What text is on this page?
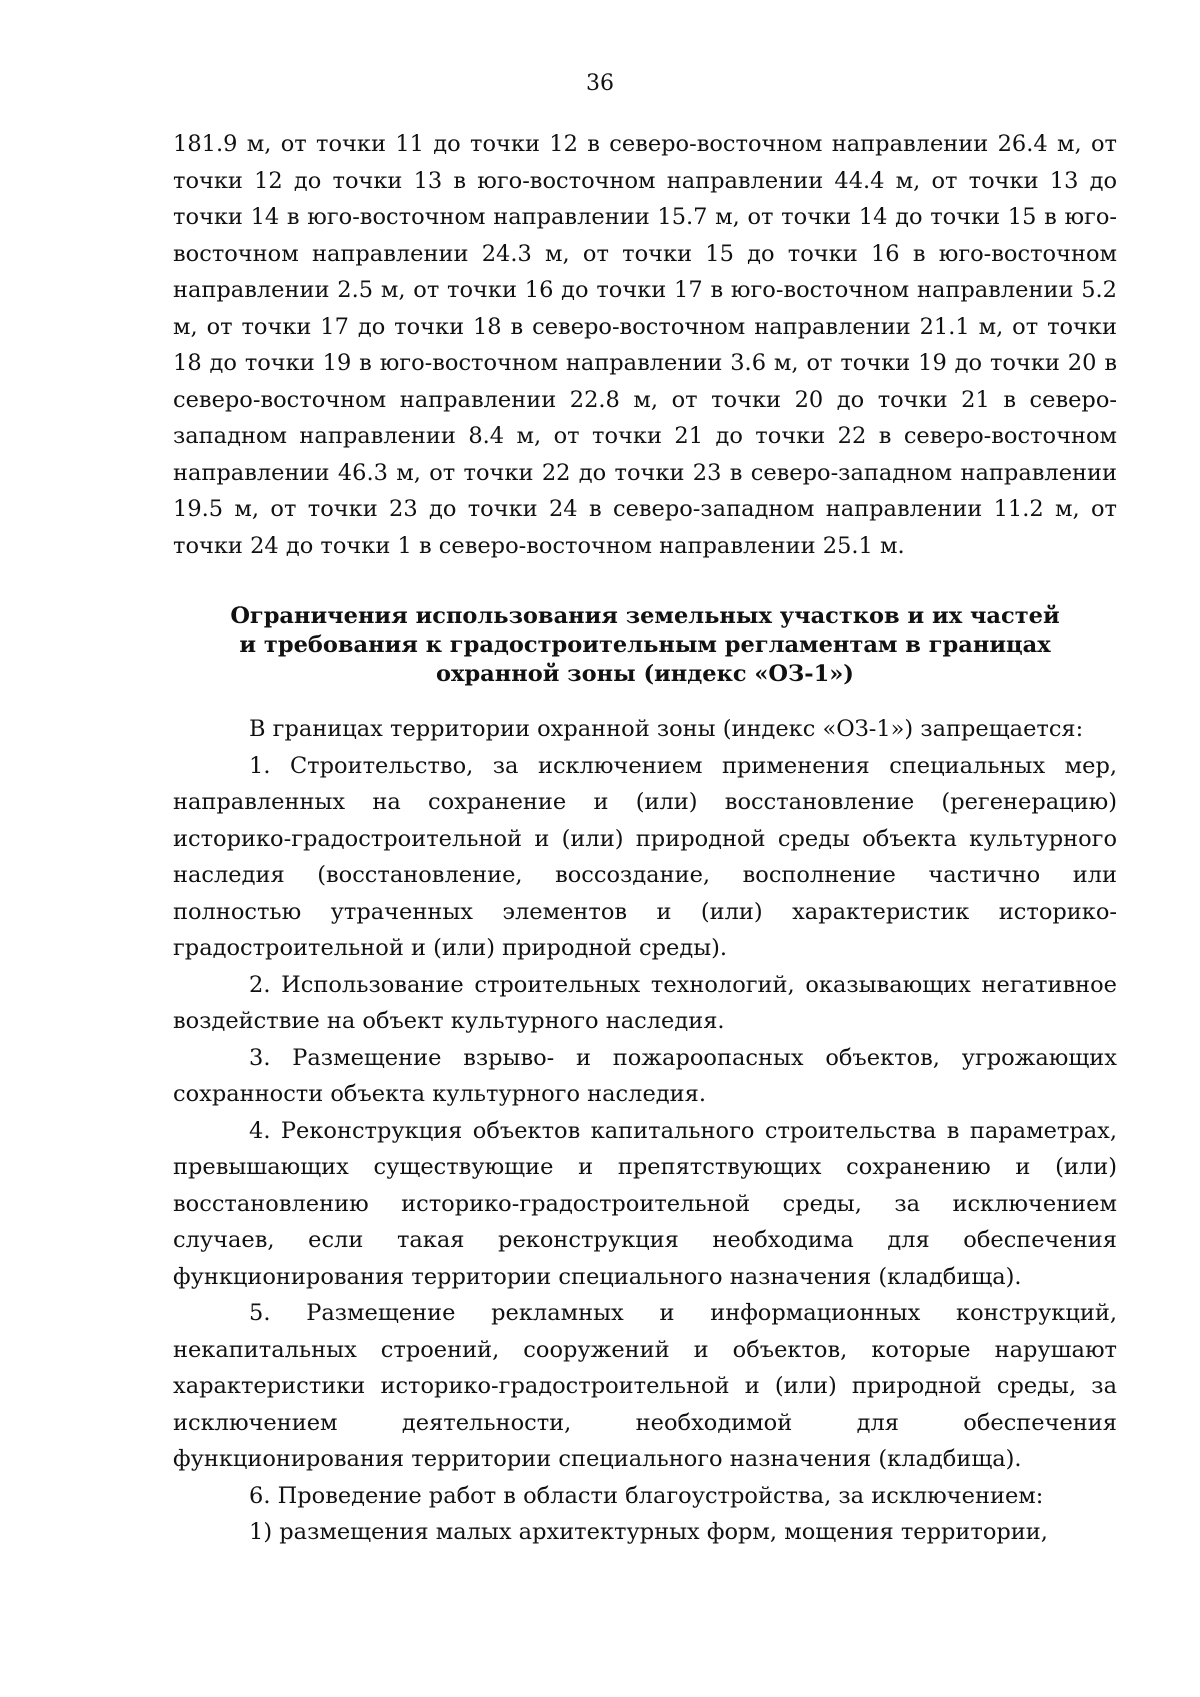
36

181.9 м, от точки 11 до точки 12 в северо-восточном направлении 26.4 м, от точки 12 до точки 13 в юго-восточном направлении 44.4 м, от точки 13 до точки 14 в юго-восточном направлении 15.7 м, от точки 14 до точки 15 в юго-восточном направлении 24.3 м, от точки 15 до точки 16 в юго-восточном направлении 2.5 м, от точки 16 до точки 17 в юго-восточном направлении 5.2 м, от точки 17 до точки 18 в северо-восточном направлении 21.1 м, от точки 18 до точки 19 в юго-восточном направлении 3.6 м, от точки 19 до точки 20 в северо-восточном направлении 22.8 м, от точки 20 до точки 21 в северо-западном направлении 8.4 м, от точки 21 до точки 22 в северо-восточном направлении 46.3 м, от точки 22 до точки 23 в северо-западном направлении 19.5 м, от точки 23 до точки 24 в северо-западном направлении 11.2 м, от точки 24 до точки 1 в северо-восточном направлении 25.1 м.

Ограничения использования земельных участков и их частей
и требования к градостроительным регламентам в границах
охранной зоны (индекс «ОЗ-1»)

В границах территории охранной зоны (индекс «ОЗ-1») запрещается:

1. Строительство, за исключением применения специальных мер, направленных на сохранение и (или) восстановление (регенерацию) историко-градостроительной и (или) природной среды объекта культурного наследия (восстановление, воссоздание, восполнение частично или полностью утраченных элементов и (или) характеристик историко-градостроительной и (или) природной среды).

2. Использование строительных технологий, оказывающих негативное воздействие на объект культурного наследия.

3. Размещение взрыво- и пожароопасных объектов, угрожающих сохранности объекта культурного наследия.

4. Реконструкция объектов капитального строительства в параметрах, превышающих существующие и препятствующих сохранению и (или) восстановлению историко-градостроительной среды, за исключением случаев, если такая реконструкция необходима для обеспечения функционирования территории специального назначения (кладбища).

5. Размещение рекламных и информационных конструкций, некапитальных строений, сооружений и объектов, которые нарушают характеристики историко-градостроительной и (или) природной среды, за исключением деятельности, необходимой для обеспечения функционирования территории специального назначения (кладбища).

6. Проведение работ в области благоустройства, за исключением:

1) размещения малых архитектурных форм, мощения территории,
